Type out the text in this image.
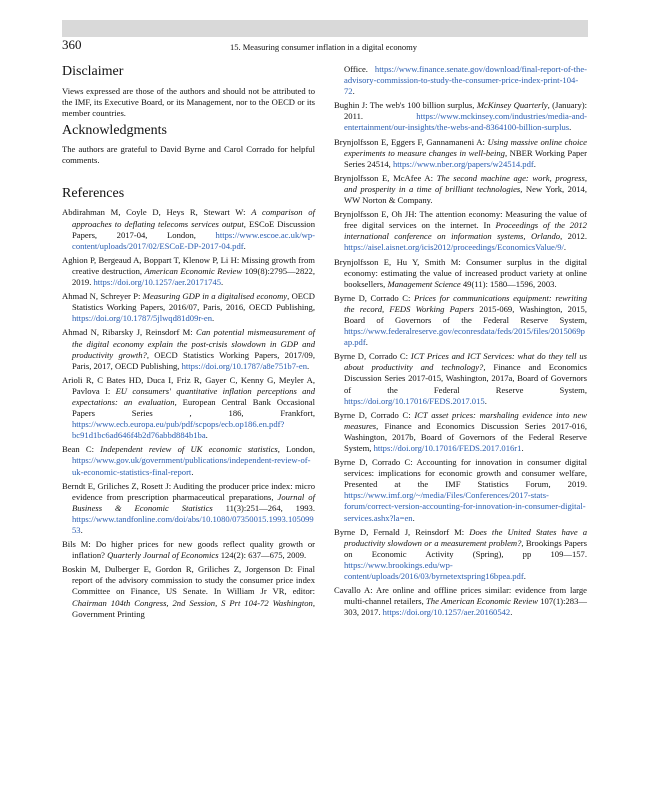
360	15. Measuring consumer inflation in a digital economy
Disclaimer

Views expressed are those of the authors and should not be attributed to the IMF, its Executive Board, or its Management, nor to the OECD or its member countries.

Acknowledgments

The authors are grateful to David Byrne and Carol Corrado for helpful comments.

References

Abdirahman M, Coyle D, Heys R, Stewart W: A comparison of approaches to deflating telecoms services output, ESCoE Discussion Papers, 2017-04, London, https://www.escoe.ac.uk/wp-content/uploads/2017/02/ESCoE-DP-2017-04.pdf.

Aghion P, Bergeaud A, Boppart T, Klenow P, Li H: Missing growth from creative destruction, American Economic Review 109(8):2795—2822, 2019. https://doi.org/10.1257/aer.20171745.

Ahmad N, Schreyer P: Measuring GDP in a digitalised economy, OECD Statistics Working Papers, 2016/07, Paris, 2016, OECD Publishing, https://doi.org/10.1787/5jlwqd81d09r-en.

Ahmad N, Ribarsky J, Reinsdorf M: Can potential mismeasurement of the digital economy explain the post-crisis slowdown in GDP and productivity growth?, OECD Statistics Working Papers, 2017/09, Paris, 2017, OECD Publishing, https://doi.org/10.1787/a8e751b7-en.

Arioli R, C Bates HD, Duca I, Friz R, Gayer C, Kenny G, Meyler A, Pavlova I: EU consumers' quantitative inflation perceptions and expectations: an evaluation, European Central Bank Occasional Papers Series , 186, Frankfort, https://www.ecb.europa.eu/pub/pdf/scpops/ecb.op186.en.pdf?bc91d1bc6ad646f4b2d76abbd884b1ba.

Bean C: Independent review of UK economic statistics, London, https://www.gov.uk/government/publications/independent-review-of-uk-economic-statistics-final-report.

Berndt E, Griliches Z, Rosett J: Auditing the producer price index: micro evidence from prescription pharmaceutical preparations, Journal of Business & Economic Statistics 11(3):251—264, 1993. https://www.tandfonline.com/doi/abs/10.1080/07350015.1993.10509953.

Bils M: Do higher prices for new goods reflect quality growth or inflation? Quarterly Journal of Economics 124(2): 637—675, 2009.

Boskin M, Dulberger E, Gordon R, Griliches Z, Jorgenson D: Final report of the advisory commission to study the consumer price index Committee on Finance, US Senate. In William Jr VR, editor: Chairman 104th Congress, 2nd Session, S Prt 104-72 Washington, Government Printing

Office. https://www.finance.senate.gov/download/final-report-of-the-advisory-commission-to-study-the-consumer-price-index-print-104-72.

Bughin J: The web's 100 billion surplus, McKinsey Quarterly, (January): 2011. https://www.mckinsey.com/industries/media-and-entertainment/our-insights/the-webs-and-8364100-billion-surplus.

Brynjolfsson E, Eggers F, Gannamaneni A: Using massive online choice experiments to measure changes in well-being, NBER Working Paper Series 24514, https://www.nber.org/papers/w24514.pdf.

Brynjolfsson E, McAfee A: The second machine age: work, progress, and prosperity in a time of brilliant technologies, New York, 2014, WW Norton & Company.

Brynjolfsson E, Oh JH: The attention economy: Measuring the value of free digital services on the internet. In Proceedings of the 2012 international conference on information systems, Orlando, 2012. https://aisel.aisnet.org/icis2012/proceedings/EconomicsValue/9/.

Brynjolfsson E, Hu Y, Smith M: Consumer surplus in the digital economy: estimating the value of increased product variety at online booksellers, Management Science 49(11): 1580—1596, 2003.

Byrne D, Corrado C: Prices for communications equipment: rewriting the record, FEDS Working Papers 2015-069, Washington, 2015, Board of Governors of the Federal Reserve System, https://www.federalreserve.gov/econresdata/feds/2015/files/2015069pap.pdf.

Byrne D, Corrado C: ICT Prices and ICT Services: what do they tell us about productivity and technology?, Finance and Economics Discussion Series 2017-015, Washington, 2017a, Board of Governors of the Federal Reserve System, https://doi.org/10.17016/FEDS.2017.015.

Byrne D, Corrado C: ICT asset prices: marshaling evidence into new measures, Finance and Economics Discussion Series 2017-016, Washington, 2017b, Board of Governors of the Federal Reserve System, https://doi.org/10.17016/FEDS.2017.016r1.

Byrne D, Corrado C: Accounting for innovation in consumer digital services: implications for economic growth and consumer welfare, Presented at the IMF Statistics Forum, 2019. https://www.imf.org/~/media/Files/Conferences/2017-stats-forum/correct-version-accounting-for-innovation-in-consumer-digital-services.ashx?la=en.

Byrne D, Fernald J, Reinsdorf M: Does the United States have a productivity slowdown or a measurement problem?, Brookings Papers on Economic Activity (Spring), pp 109—157. https://www.brookings.edu/wp-content/uploads/2016/03/byrnetextspring16bpea.pdf.

Cavallo A: Are online and offline prices similar: evidence from large multi-channel retailers, The American Economic Review 107(1):283—303, 2017. https://doi.org/10.1257/aer.20160542.
